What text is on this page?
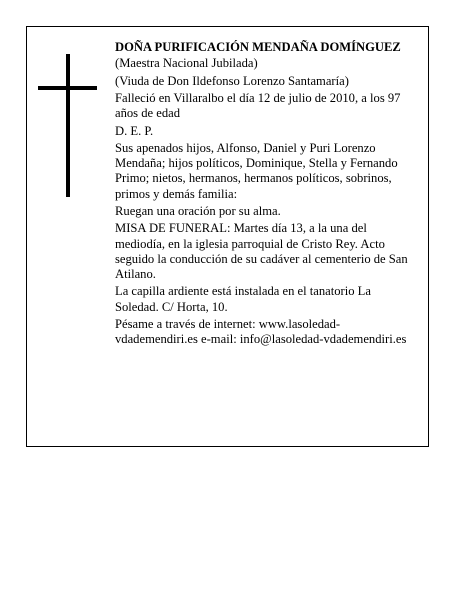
DOÑA PURIFICACIÓN MENDAÑA DOMÍNGUEZ

(Maestra Nacional Jubilada)

(Viuda de Don Ildefonso Lorenzo Santamaría)

Falleció en Villaralbo el día 12 de julio de 2010, a los 97 años de edad

D. E. P.

Sus apenados hijos, Alfonso, Daniel y Puri Lorenzo Mendaña; hijos políticos, Dominique, Stella y Fernando Primo; nietos, hermanos, hermanos políticos, sobrinos, primos y demás familia:

Ruegan una oración por su alma.

MISA DE FUNERAL: Martes día 13, a la una del mediodía, en la iglesia parroquial de Cristo Rey. Acto seguido la conducción de su cadáver al cementerio de San Atilano.

La capilla ardiente está instalada en el tanatorio La Soledad. C/ Horta, 10.

Pésame a través de internet: www.lasoledad-vdademendiri.es e-mail: info@lasoledad-vdademendiri.es
